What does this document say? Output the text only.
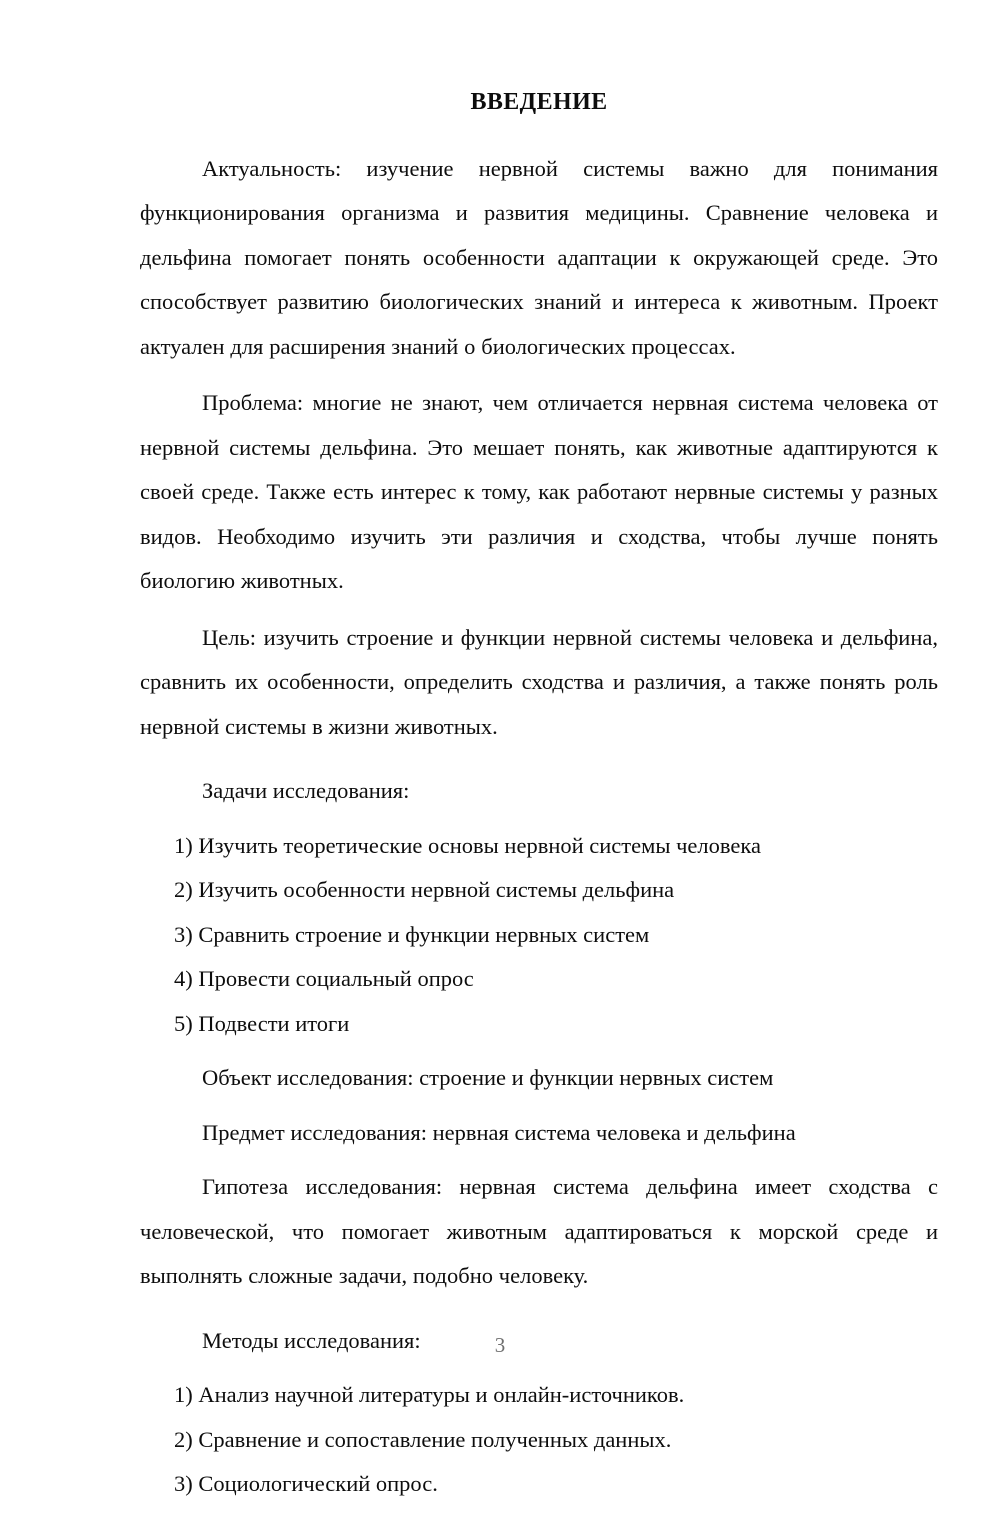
ВВЕДЕНИЕ

Актуальность: изучение нервной системы важно для понимания функционирования организма и развития медицины. Сравнение человека и дельфина помогает понять особенности адаптации к окружающей среде. Это способствует развитию биологических знаний и интереса к животным. Проект актуален для расширения знаний о биологических процессах.

Проблема: многие не знают, чем отличается нервная система человека от нервной системы дельфина. Это мешает понять, как животные адаптируются к своей среде. Также есть интерес к тому, как работают нервные системы у разных видов. Необходимо изучить эти различия и сходства, чтобы лучше понять биологию животных.

Цель: изучить строение и функции нервной системы человека и дельфина, сравнить их особенности, определить сходства и различия, а также понять роль нервной системы в жизни животных.

Задачи исследования:

1) Изучить теоретические основы нервной системы человека
2) Изучить особенности нервной системы дельфина
3) Сравнить строение и функции нервных систем
4) Провести социальный опрос
5) Подвести итоги

Объект исследования: строение и функции нервных систем

Предмет исследования: нервная система человека и дельфина

Гипотеза исследования: нервная система дельфина имеет сходства с человеческой, что помогает животным адаптироваться к морской среде и выполнять сложные задачи, подобно человеку.

Методы исследования:

1) Анализ научной литературы и онлайн-источников.
2) Сравнение и сопоставление полученных данных.
3) Социологический опрос.
3
